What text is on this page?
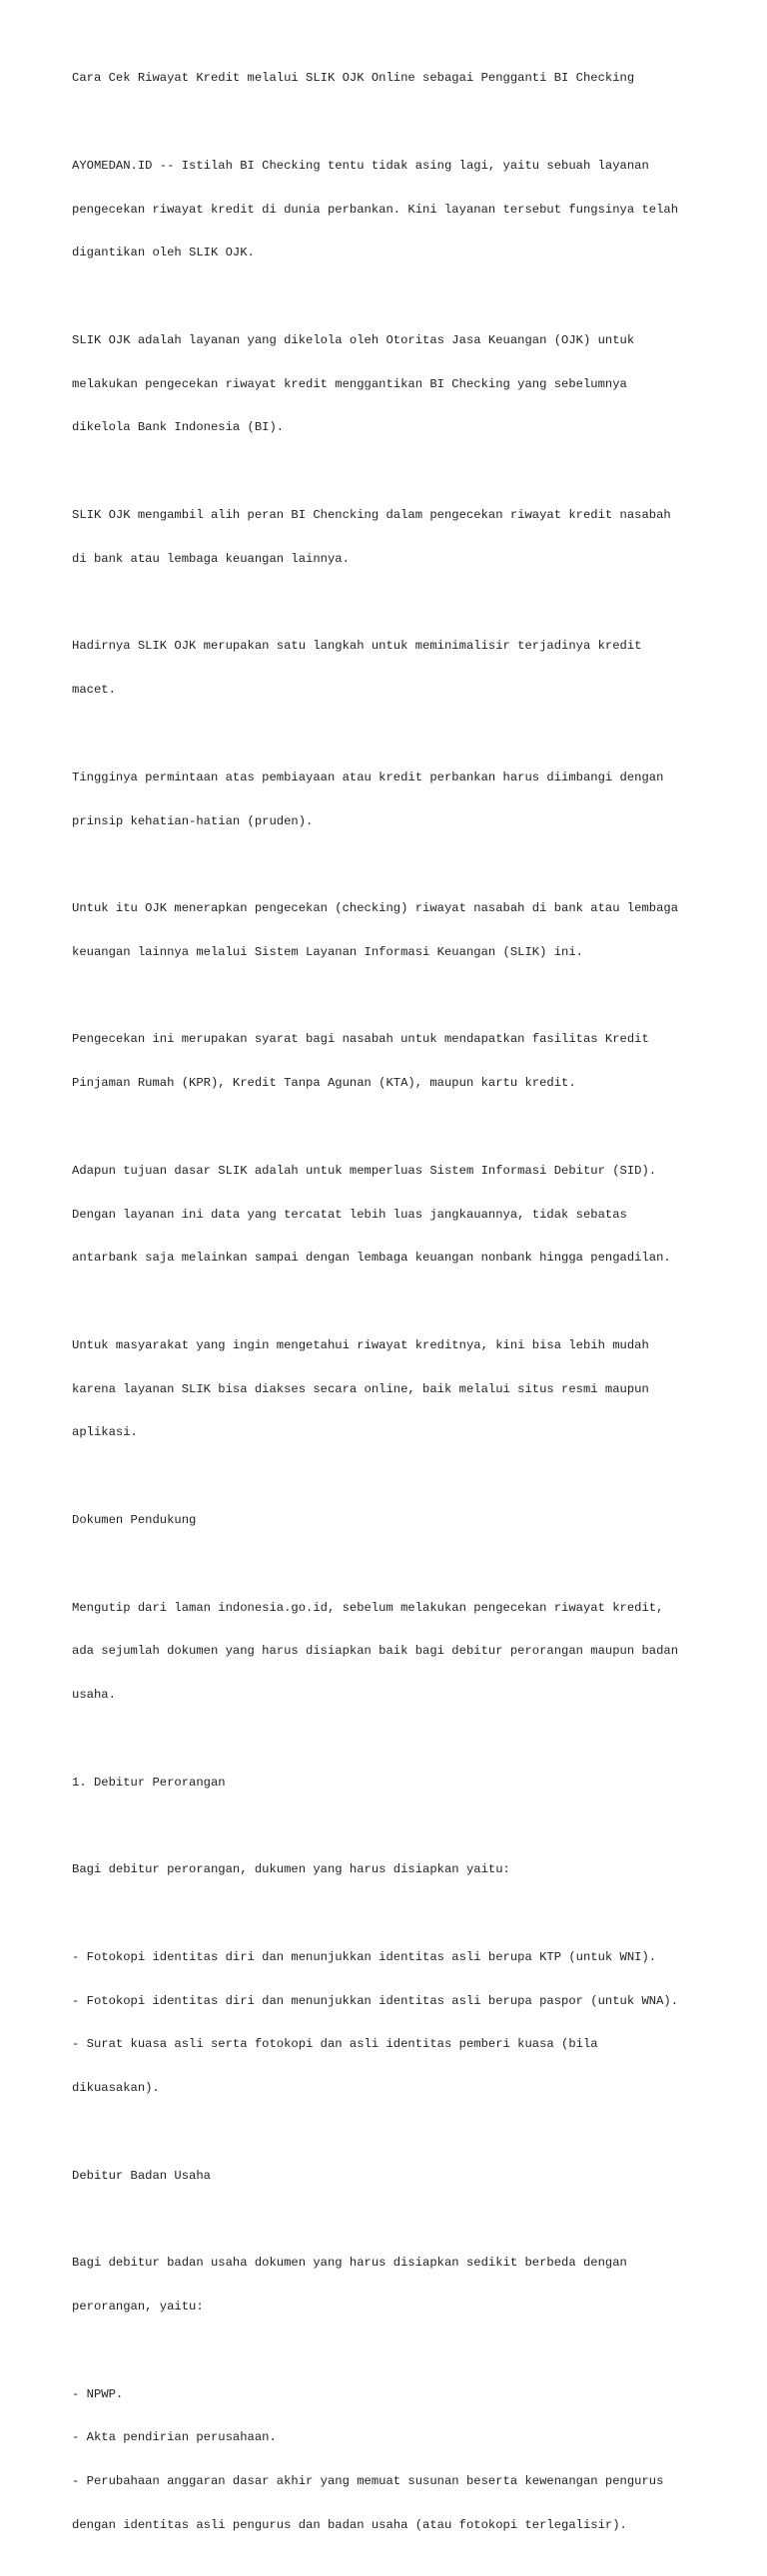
Cara Cek Riwayat Kredit melalui SLIK OJK Online sebagai Pengganti BI Checking

AYOMEDAN.ID -- Istilah BI Checking tentu tidak asing lagi, yaitu sebuah layanan

pengecekan riwayat kredit di dunia perbankan. Kini layanan tersebut fungsinya telah

digantikan oleh SLIK OJK.

SLIK OJK adalah layanan yang dikelola oleh Otoritas Jasa Keuangan (OJK) untuk

melakukan pengecekan riwayat kredit menggantikan BI Checking yang sebelumnya

dikelola Bank Indonesia (BI).

SLIK OJK mengambil alih peran BI Chencking dalam pengecekan riwayat kredit nasabah

di bank atau lembaga keuangan lainnya.

Hadirnya SLIK OJK merupakan satu langkah untuk meminimalisir terjadinya kredit

macet.

Tingginya permintaan atas pembiayaan atau kredit perbankan harus diimbangi dengan

prinsip kehatian-hatian (pruden).

Untuk itu OJK menerapkan pengecekan (checking) riwayat nasabah di bank atau lembaga

keuangan lainnya melalui Sistem Layanan Informasi Keuangan (SLIK) ini.

Pengecekan ini merupakan syarat bagi nasabah untuk mendapatkan fasilitas Kredit

Pinjaman Rumah (KPR), Kredit Tanpa Agunan (KTA), maupun kartu kredit.

Adapun tujuan dasar SLIK adalah untuk memperluas Sistem Informasi Debitur (SID).

Dengan layanan ini data yang tercatat lebih luas jangkauannya, tidak sebatas

antarbank saja melainkan sampai dengan lembaga keuangan nonbank hingga pengadilan.

Untuk masyarakat yang ingin mengetahui riwayat kreditnya, kini bisa lebih mudah

karena layanan SLIK bisa diakses secara online, baik melalui situs resmi maupun

aplikasi.

Dokumen Pendukung

Mengutip dari laman indonesia.go.id, sebelum melakukan pengecekan riwayat kredit,

ada sejumlah dokumen yang harus disiapkan baik bagi debitur perorangan maupun badan

usaha.

1. Debitur Perorangan

Bagi debitur perorangan, dukumen yang harus disiapkan yaitu:

- Fotokopi identitas diri dan menunjukkan identitas asli berupa KTP (untuk WNI).

- Fotokopi identitas diri dan menunjukkan identitas asli berupa paspor (untuk WNA).

- Surat kuasa asli serta fotokopi dan asli identitas pemberi kuasa (bila

dikuasakan).

Debitur Badan Usaha

Bagi debitur badan usaha dokumen yang harus disiapkan sedikit berbeda dengan

perorangan, yaitu:

- NPWP.

- Akta pendirian perusahaan.

- Perubahaan anggaran dasar akhir yang memuat susunan beserta kewenangan pengurus

dengan identitas asli pengurus dan badan usaha (atau fotokopi terlegalisir).
